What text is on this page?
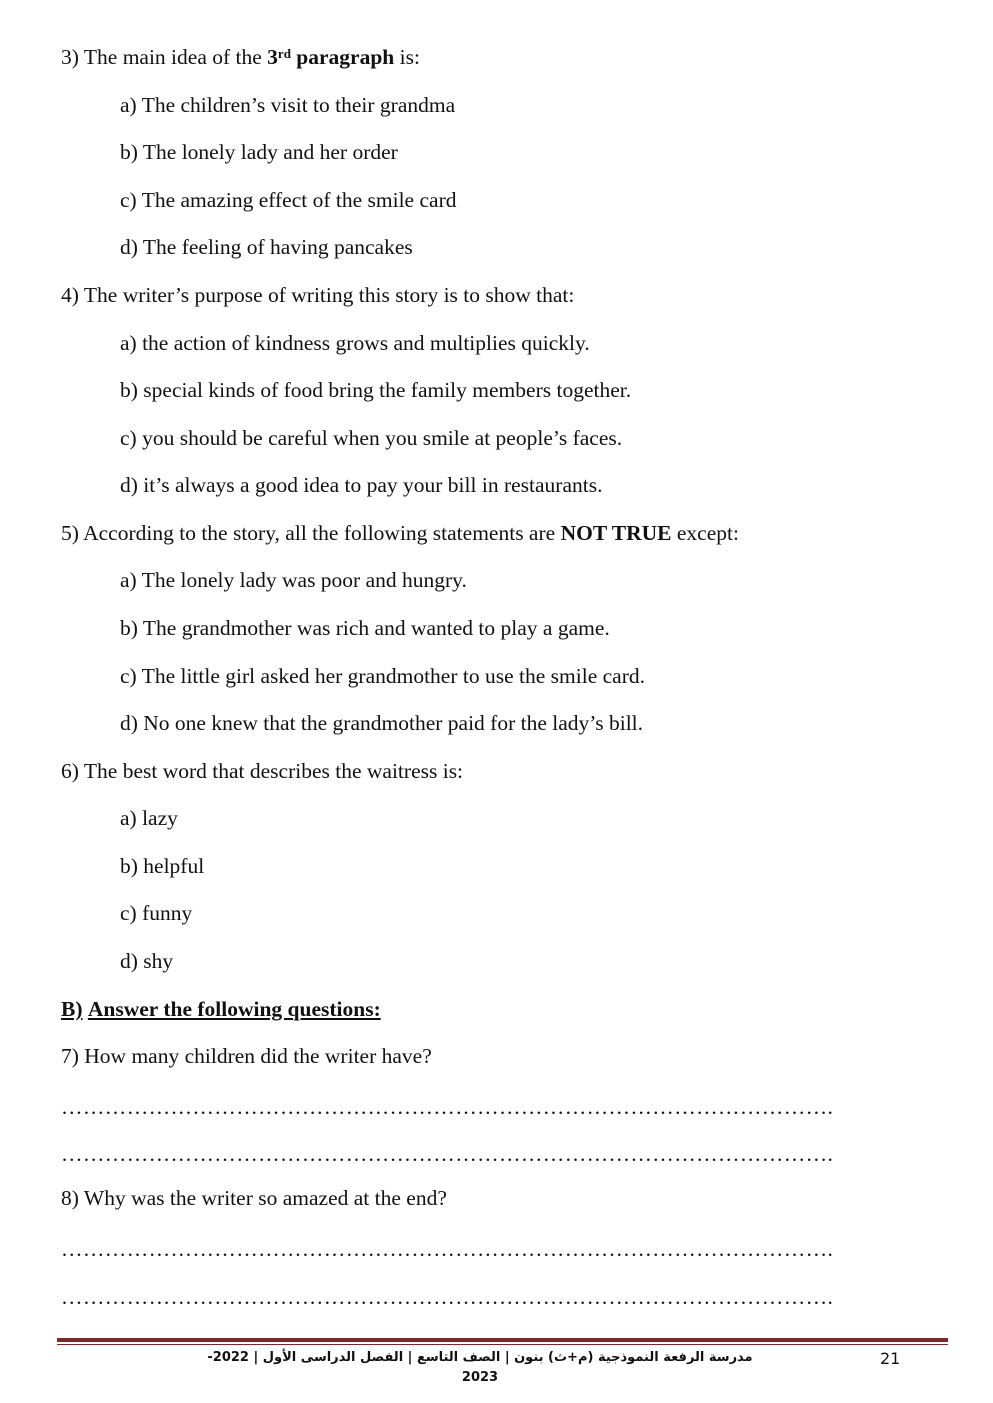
3) The main idea of the 3rd paragraph is:
a) The children’s visit to their grandma
b) The lonely lady and her order
c) The amazing effect of the smile card
d) The feeling of having pancakes
4) The writer’s purpose of writing this story is to show that:
a) the action of kindness grows and multiplies quickly.
b) special kinds of food bring the family members together.
c) you should be careful when you smile at people’s faces.
d) it’s always a good idea to pay your bill in restaurants.
5) According to the story, all the following statements are NOT TRUE except:
a) The lonely lady was poor and hungry.
b) The grandmother was rich and wanted to play a game.
c) The little girl asked her grandmother to use the smile card.
d) No one knew that the grandmother paid for the lady’s bill.
6) The best word that describes the waitress is:
a) lazy
b) helpful
c) funny
d) shy
B) Answer the following questions:
7) How many children did the writer have?
…………………………………………………………………………………………….
…………………………………………………………………………………………….
8) Why was the writer so amazed at the end?
…………………………………………………………………………………………….
…………………………………………………………………………………………….
مدرسة الرفعة النموذجية (م+ث) بنون | الصف التاسع | الفصل الدراسى الأول | 2022-2023
21
